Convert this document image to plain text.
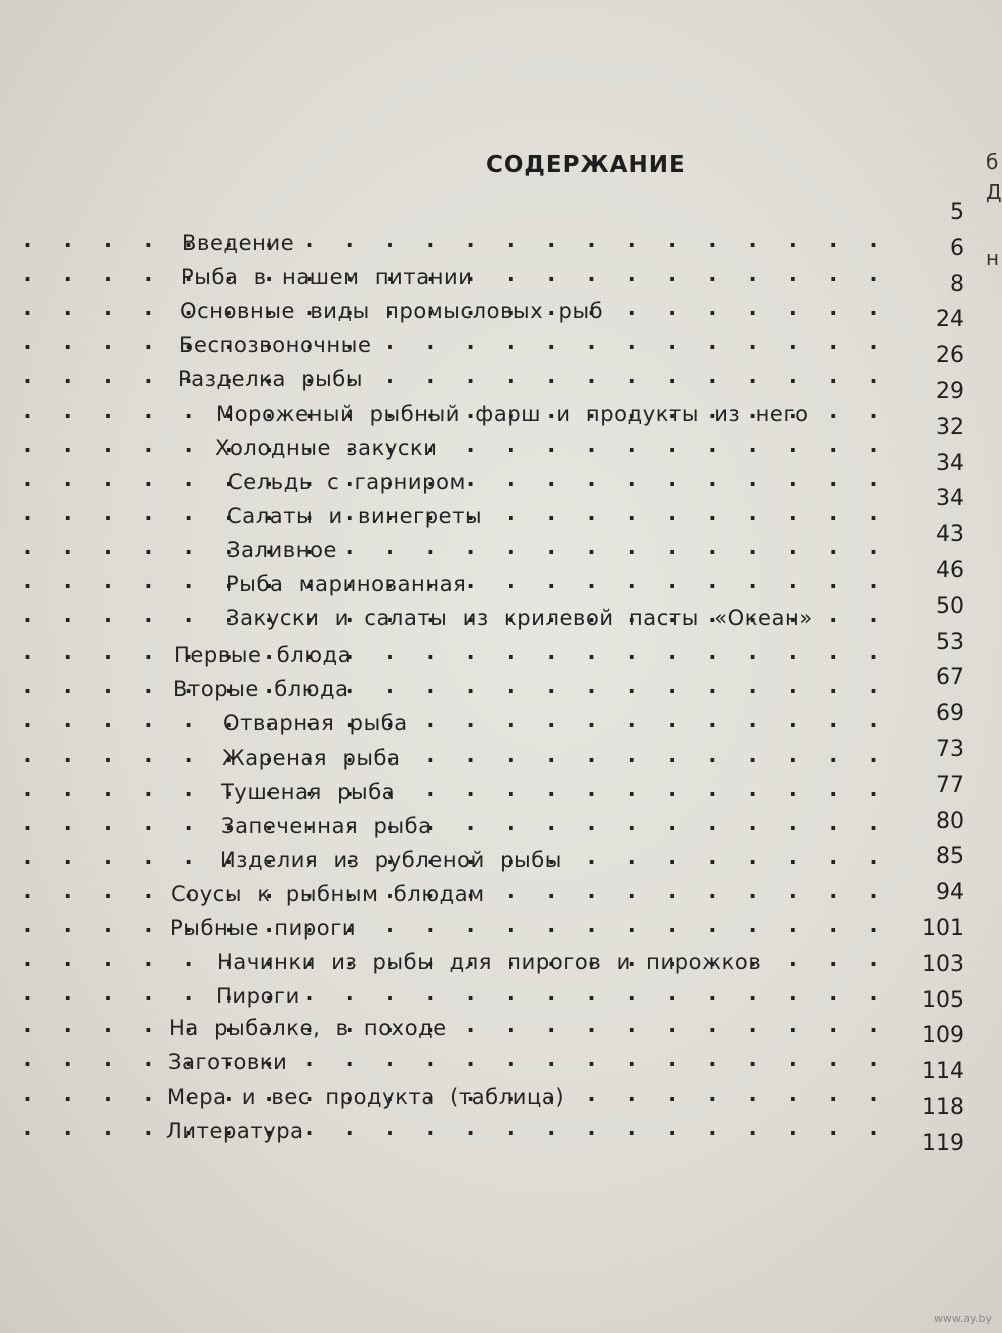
СОДЕРЖАНИЕ
Введение
. . .
Рыба в нашем питании
. . .
Основные виды промысловых рыб
. . .
Беспозвоночные
. . .
Разделка рыбы
. . .
Мороженый рыбный фарш и продукты из него
. . .
Холодные закуски
. . .
Сельдь с гарниром
. . .
Салаты и винегреты
. . .
Заливное
. . .
Рыба маринованная
. . .
Закуски и салаты из крилевой пасты «Океан»
. . .
Первые блюда
. . .
Вторые блюда
. . .
Отварная рыба
. . .
Жареная рыба
. . .
Тушеная рыба
. . .
Запеченная рыба
. . .
Изделия из рубленой рыбы
. . .
Соусы к рыбным блюдам
. . .
Рыбные пироги
. . .
Начинки из рыбы для пирогов и пирожков
. . .
Пироги
. . .
На рыбалке, в походе
. . .
Заготовки
. . .
Мера и вес продукта (таблица)
. . .
Литература
. . .
5
6
8
24
26
29
32
34
34
43
46
50
53
67
69
73
77
80
85
94
101
103
105
109
114
118
119
б
Д
н
www.ay.by
